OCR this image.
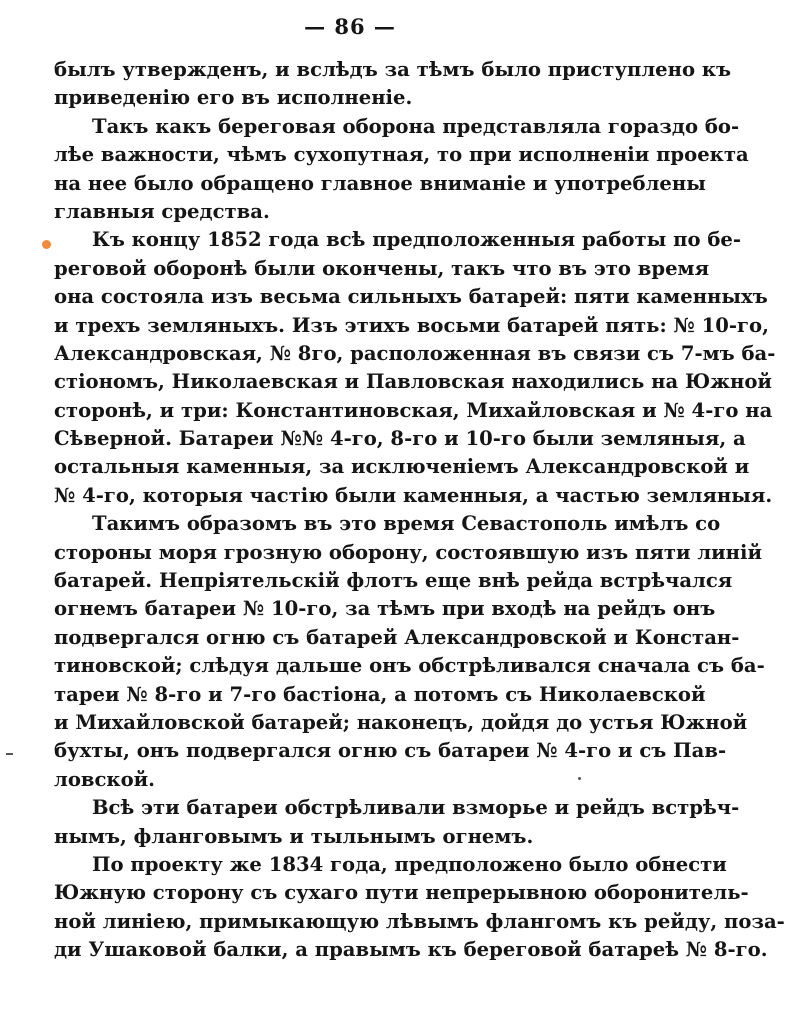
— 86 —
былъ утвержденъ, и вслѣдъ за тѣмъ было приступлено къ
приведенію его въ исполненіе.
Такъ какъ береговая оборона представляла гораздо бо-
лѣе важности, чѣмъ сухопутная, то при исполненіи проекта
на нее было обращено главное вниманіе и употреблены
главныя средства.
Къ концу 1852 года всѣ предположенныя работы по бе-
реговой оборонѣ были окончены, такъ что въ это время
она состояла изъ весьма сильныхъ батарей: пяти каменныхъ
и трехъ земляныхъ. Изъ этихъ восьми батарей пять: № 10-го,
Александровская, № 8го, расположенная въ связи съ 7-мъ ба-
стіономъ, Николаевская и Павловская находились на Южной
сторонѣ, и три: Константиновская, Михайловская и № 4-го на
Сѣверной. Батареи №№ 4-го, 8-го и 10-го были земляныя, а
остальныя каменныя, за исключеніемъ Александровской и
№ 4-го, которыя частію были каменныя, а частью земляныя.
Такимъ образомъ въ это время Севастополь имѣлъ со
стороны моря грозную оборону, состоявшую изъ пяти линій
батарей. Непріятельскій флотъ еще внѣ рейда встрѣчался
огнемъ батареи № 10-го, за тѣмъ при входѣ на рейдъ онъ
подвергался огню съ батарей Александровской и Констан-
тиновской; слѣдуя дальше онъ обстрѣливался сначала съ ба-
тареи № 8-го и 7-го бастіона, а потомъ съ Николаевской
и Михайловской батарей; наконецъ, дойдя до устья Южной
бухты, онъ подвергался огню съ батареи № 4-го и съ Пав-
ловской.
Всѣ эти батареи обстрѣливали взморье и рейдъ встрѣч-
нымъ, фланговымъ и тыльнымъ огнемъ.
По проекту же 1834 года, предположено было обнести
Южную сторону съ сухаго пути непрерывною оборонитель-
ной линіею, примыкающую лѣвымъ флангомъ къ рейду, поза-
ди Ушаковой балки, а правымъ къ береговой батареѣ № 8-го.
